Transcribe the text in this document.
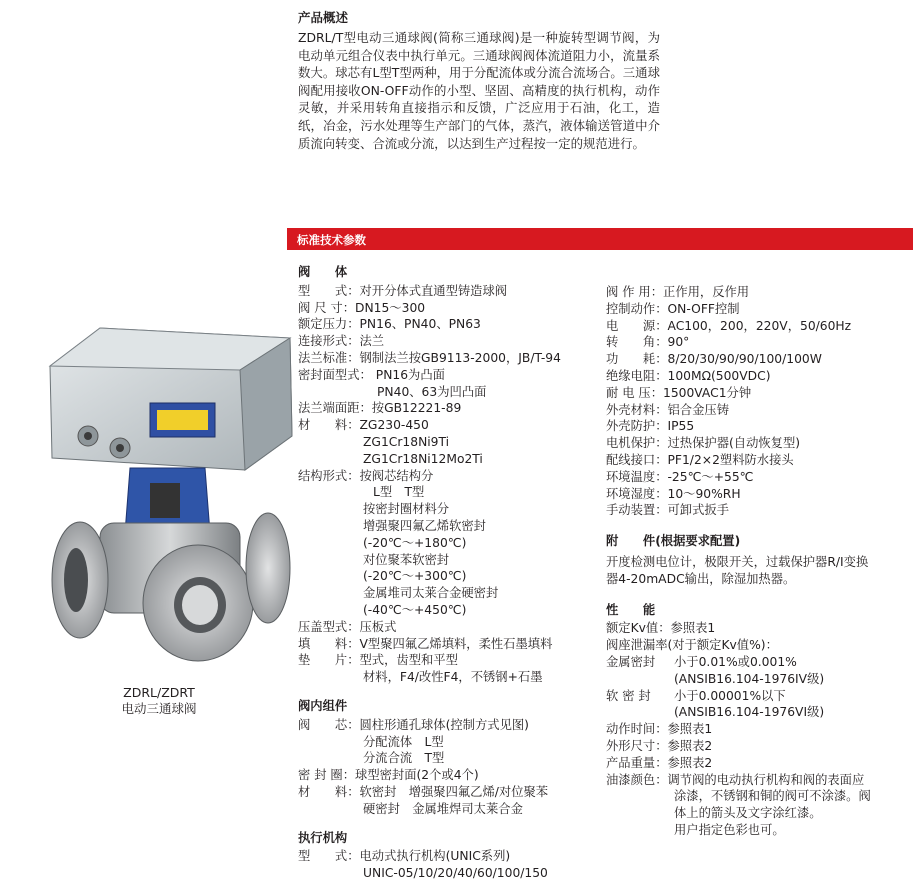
产品概述
ZDRL/T型电动三通球阀(简称三通球阀)是一种旋转型调节阀，为电动单元组合仪表中执行单元。三通球阀阀体流道阻力小，流量系数大。球芯有L型T型两种，用于分配流体或分流合流场合。三通球阀配用接收ON-OFF动作的小型、坚固、高精度的执行机构，动作灵敏，并采用转角直接指示和反馈，广泛应用于石油，化工，造纸，冶金，污水处理等生产部门的气体，蒸汽，液体输送管道中介质流向转变、合流或分流，以达到生产过程按一定的规范进行。
标准技术参数
ZDRL/ZDRT
电动三通球阀
阀　　体
型　　式： 对开分体式直通型铸造球阀
阀 尺 寸： DN15～300
额定压力： PN16、PN40、PN63
连接形式： 法兰
法兰标准： 钢制法兰按GB9113-2000，JB/T-94
密封面型式： PN16为凸面
PN40、63为凹凸面
法兰端面距： 按GB12221-89
材　　料： ZG230-450
ZG1Cr18Ni9Ti
ZG1Cr18Ni12Mo2Ti
结构形式： 按阀芯结构分
L型　T型
按密封圈材料分
增强聚四氟乙烯软密封
(-20℃～+180℃)
对位聚苯软密封
(-20℃～+300℃)
金属堆司太莱合金硬密封
(-40℃～+450℃)
压盖型式： 压板式
填　　料： V型聚四氟乙烯填料，柔性石墨填料
垫　　片： 型式，齿型和平型
材料，F4/改性F4，不锈钢+石墨
阀内组件
阀　　芯： 圆柱形通孔球体(控制方式见图)
分配流体　L型
分流合流　T型
密 封 圈： 球型密封面(2个或4个)
材　　料： 软密封　增强聚四氟乙烯/对位聚苯
硬密封　金属堆焊司太莱合金
执行机构
型　　式： 电动式执行机构(UNIC系列)
UNIC-05/10/20/40/60/100/150
阀 作 用： 正作用，反作用
控制动作： ON-OFF控制
电　　源： AC100，200，220V，50/60Hz
转　　角： 90°
功　　耗： 8/20/30/90/90/100/100W
绝缘电阻： 100MΩ(500VDC)
耐 电 压： 1500VAC1分钟
外壳材料： 铝合金压铸
外壳防护： IP55
电机保护： 过热保护器(自动恢复型)
配线接口： PF1/2×2塑料防水接头
环境温度： -25℃～+55℃
环境湿度： 10～90%RH
手动装置： 可卸式扳手
附　　件(根据要求配置)
开度检测电位计，极限开关，过载保护器R/I变换
器4-20mADC输出，除湿加热器。
性　　能
额定Kv值：参照表1
阀座泄漏率(对于额定Kv值%)：
金属密封	小于0.01%或0.001%
(ANSIB16.104-1976IV级)
软 密 封	小于0.00001%以下
(ANSIB16.104-1976VI级)
动作时间： 参照表1
外形尺寸： 参照表2
产品重量： 参照表2
油漆颜色： 调节阀的电动执行机构和阀的表面应
涂漆，不锈钢和铜的阀可不涂漆。阀
体上的箭头及文字涂红漆。
用户指定色彩也可。
